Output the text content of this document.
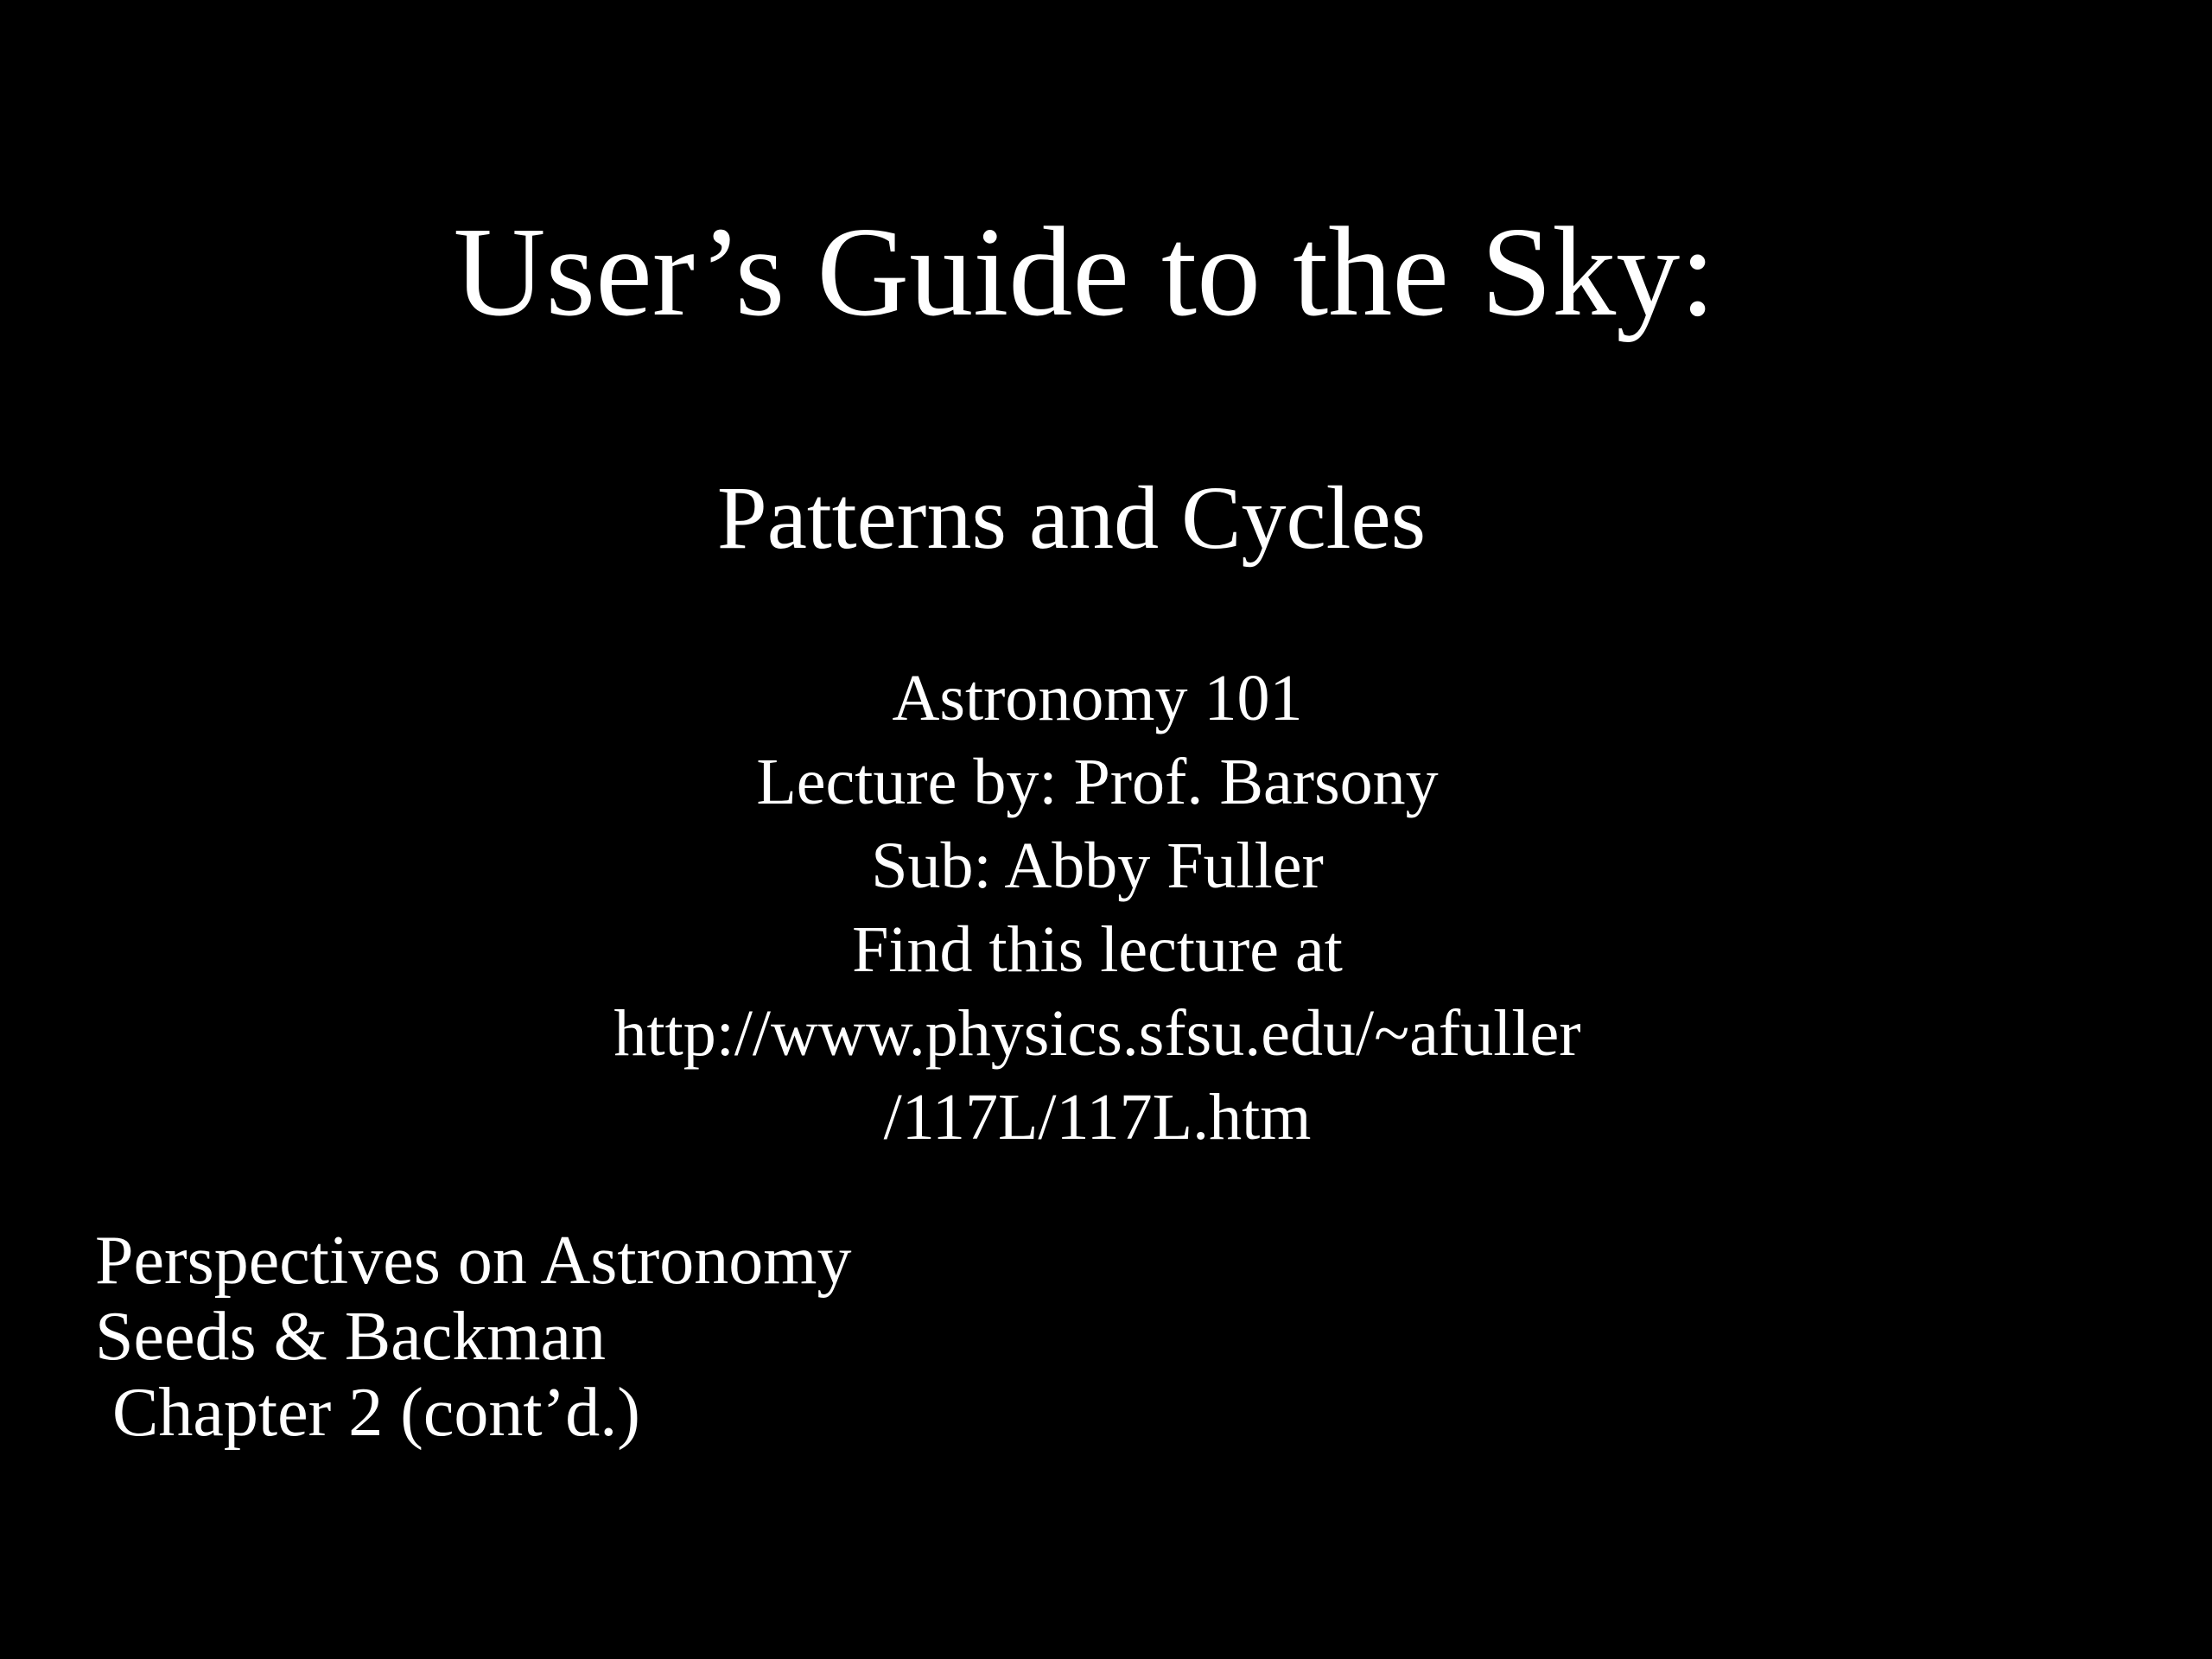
User’s Guide to the Sky:
Patterns and Cycles
Astronomy 101
Lecture by: Prof. Barsony
Sub: Abby Fuller
Find this lecture at
http://www.physics.sfsu.edu/~afuller
/117L/117L.htm
Perspectives on Astronomy
Seeds & Backman
Chapter 2 (cont’d.)
